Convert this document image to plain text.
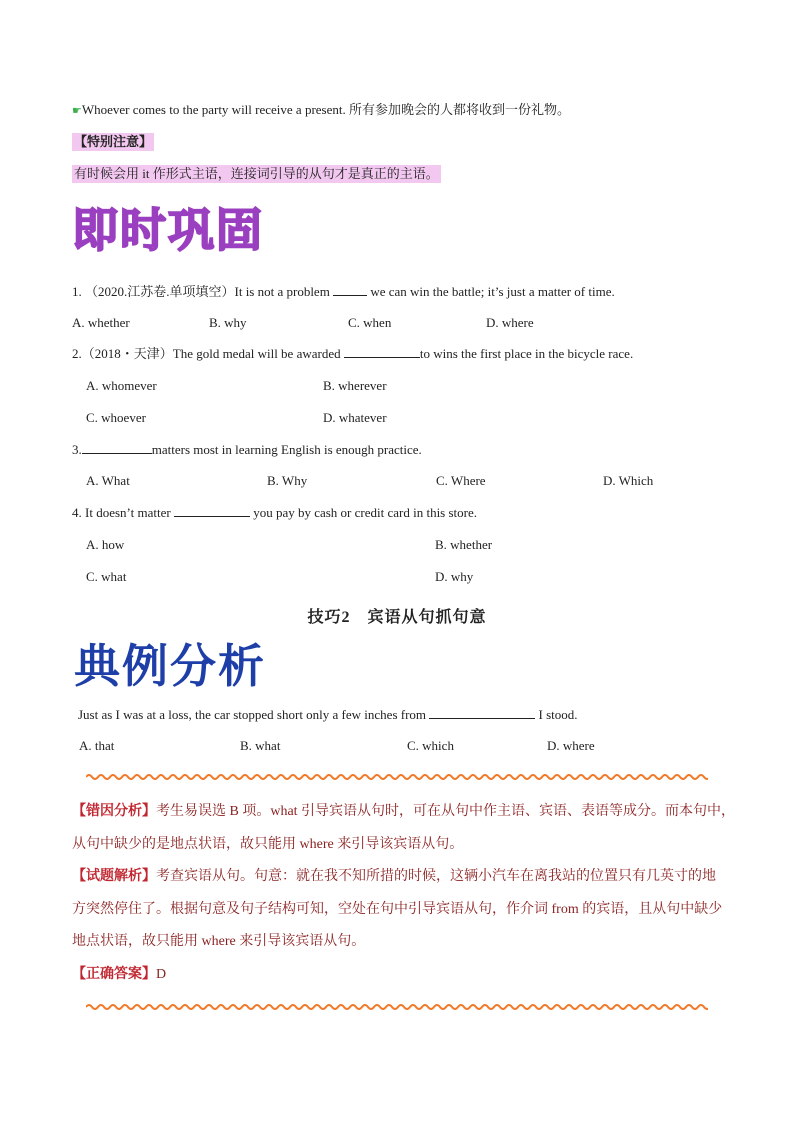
☛Whoever comes to the party will receive a present. 所有参加晚会的人都将收到一份礼物。
【特别注意】
有时候会用 it 作形式主语，连接词引导的从句才是真正的主语。
即时巩固
1. （2020.江苏卷.单项填空）It is not a problem	we can win the battle; it’s just a matter of time.
A. whether	B. why	C. when	D. where
2.（2018・天津）The gold medal will be awarded	to wins the first place in the bicycle race.
A. whomever	B. wherever
C. whoever	D. whatever
3.	matters most in learning English is enough practice.
A. What	B. Why	C. Where	D. Which
4. It doesn’t matter	you pay by cash or credit card in this store.
A. how	B. whether
C. what	D. why
技巧2　宾语从句抓句意
典例分析
Just as I was at a loss, the car stopped short only a few inches from	I stood.
A. that	B. what	C. which	D. where
【错因分析】考生易误选 B 项。what 引导宾语从句时，可在从句中作主语、宾语、表语等成分。而本句中，
从句中缺少的是地点状语，故只能用 where 来引导该宾语从句。
【试题解析】考查宾语从句。句意：就在我不知所措的时候，这辆小汽车在离我站的位置只有几英寸的地
方突然停住了。根据句意及句子结构可知，空处在句中引导宾语从句，作介词 from 的宾语，且从句中缺少
地点状语，故只能用 where 来引导该宾语从句。
【正确答案】D
